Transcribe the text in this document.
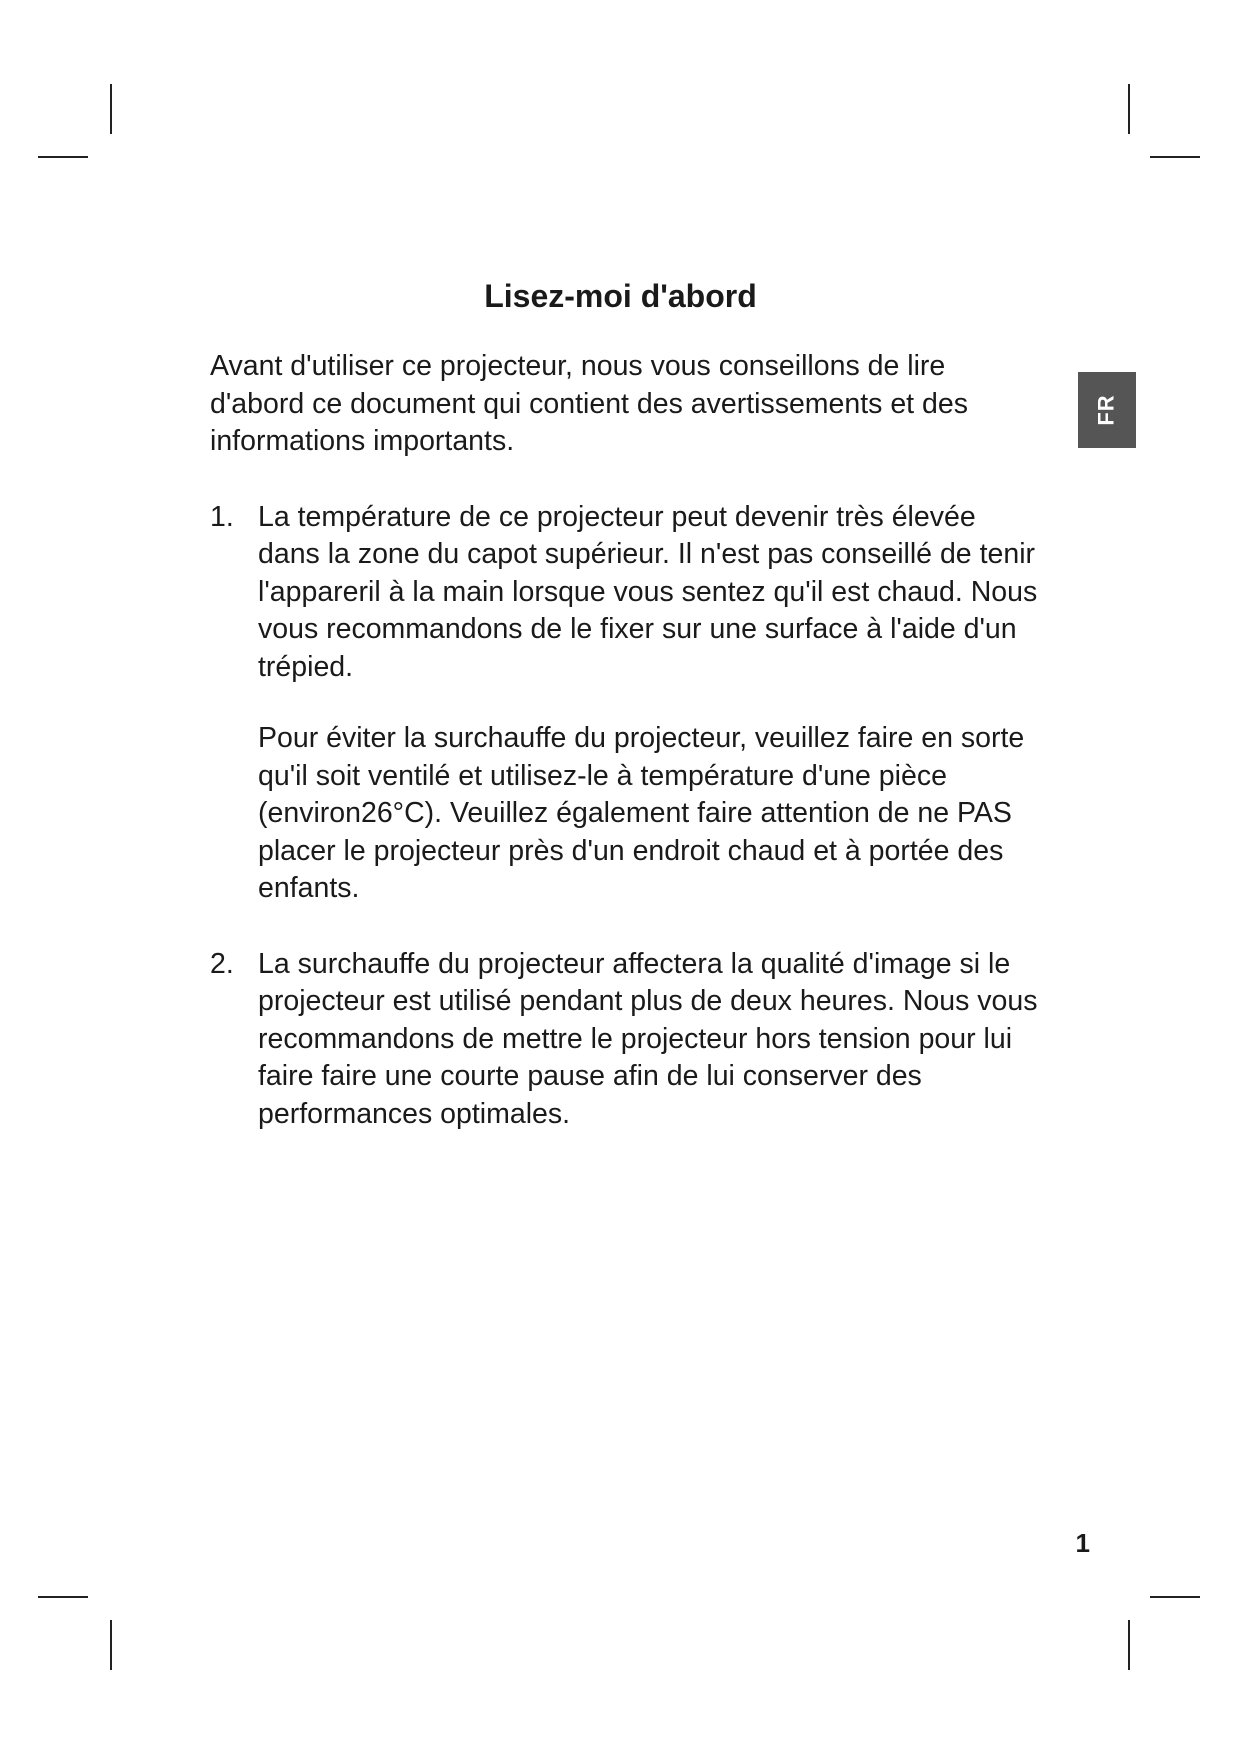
Lisez-moi d'abord
FR

Avant d'utiliser ce projecteur, nous vous conseillons de lire d'abord ce document qui contient des avertissements et des informations importants.

1. La température de ce projecteur peut devenir très élevée dans la zone du capot supérieur. Il n'est pas conseillé de tenir l'appareril à la main lorsque vous sentez qu'il est chaud. Nous vous recommandons de le fixer sur une surface à l'aide d'un trépied.

Pour éviter la surchauffe du projecteur, veuillez faire en sorte qu'il soit ventilé et utilisez-le à température d'une pièce (environ26°C). Veuillez également faire attention de ne PAS placer le projecteur près d'un endroit chaud et à portée des enfants.

2. La surchauffe du projecteur affectera la qualité d'image si le projecteur est utilisé pendant plus de deux heures. Nous vous recommandons de mettre le projecteur hors tension pour lui faire faire une courte pause afin de lui conserver des performances optimales.

1
